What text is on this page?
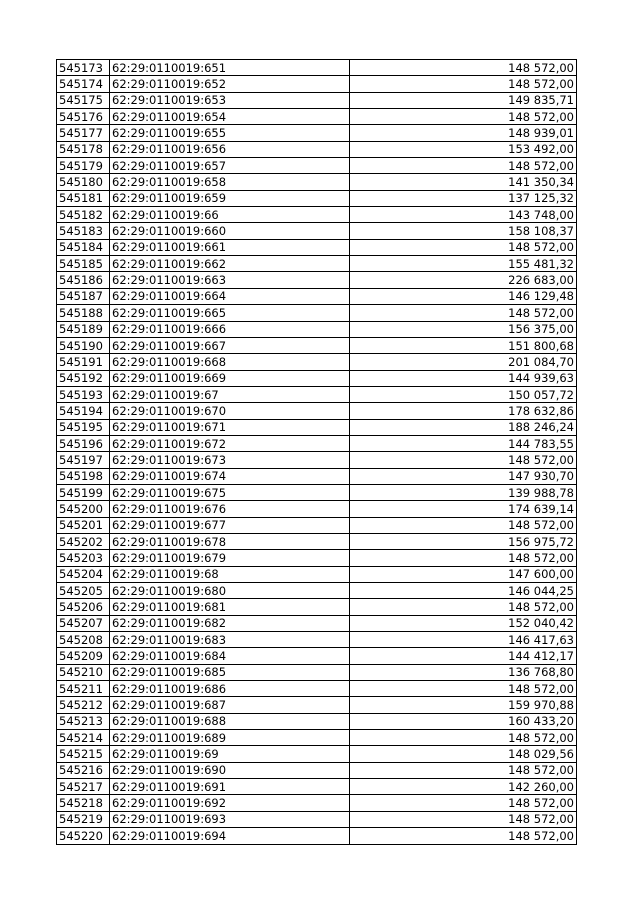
545173	62:29:0110019:651	148 572,00
545174	62:29:0110019:652	148 572,00
545175	62:29:0110019:653	149 835,71
545176	62:29:0110019:654	148 572,00
545177	62:29:0110019:655	148 939,01
545178	62:29:0110019:656	153 492,00
545179	62:29:0110019:657	148 572,00
545180	62:29:0110019:658	141 350,34
545181	62:29:0110019:659	137 125,32
545182	62:29:0110019:66	143 748,00
545183	62:29:0110019:660	158 108,37
545184	62:29:0110019:661	148 572,00
545185	62:29:0110019:662	155 481,32
545186	62:29:0110019:663	226 683,00
545187	62:29:0110019:664	146 129,48
545188	62:29:0110019:665	148 572,00
545189	62:29:0110019:666	156 375,00
545190	62:29:0110019:667	151 800,68
545191	62:29:0110019:668	201 084,70
545192	62:29:0110019:669	144 939,63
545193	62:29:0110019:67	150 057,72
545194	62:29:0110019:670	178 632,86
545195	62:29:0110019:671	188 246,24
545196	62:29:0110019:672	144 783,55
545197	62:29:0110019:673	148 572,00
545198	62:29:0110019:674	147 930,70
545199	62:29:0110019:675	139 988,78
545200	62:29:0110019:676	174 639,14
545201	62:29:0110019:677	148 572,00
545202	62:29:0110019:678	156 975,72
545203	62:29:0110019:679	148 572,00
545204	62:29:0110019:68	147 600,00
545205	62:29:0110019:680	146 044,25
545206	62:29:0110019:681	148 572,00
545207	62:29:0110019:682	152 040,42
545208	62:29:0110019:683	146 417,63
545209	62:29:0110019:684	144 412,17
545210	62:29:0110019:685	136 768,80
545211	62:29:0110019:686	148 572,00
545212	62:29:0110019:687	159 970,88
545213	62:29:0110019:688	160 433,20
545214	62:29:0110019:689	148 572,00
545215	62:29:0110019:69	148 029,56
545216	62:29:0110019:690	148 572,00
545217	62:29:0110019:691	142 260,00
545218	62:29:0110019:692	148 572,00
545219	62:29:0110019:693	148 572,00
545220	62:29:0110019:694	148 572,00
